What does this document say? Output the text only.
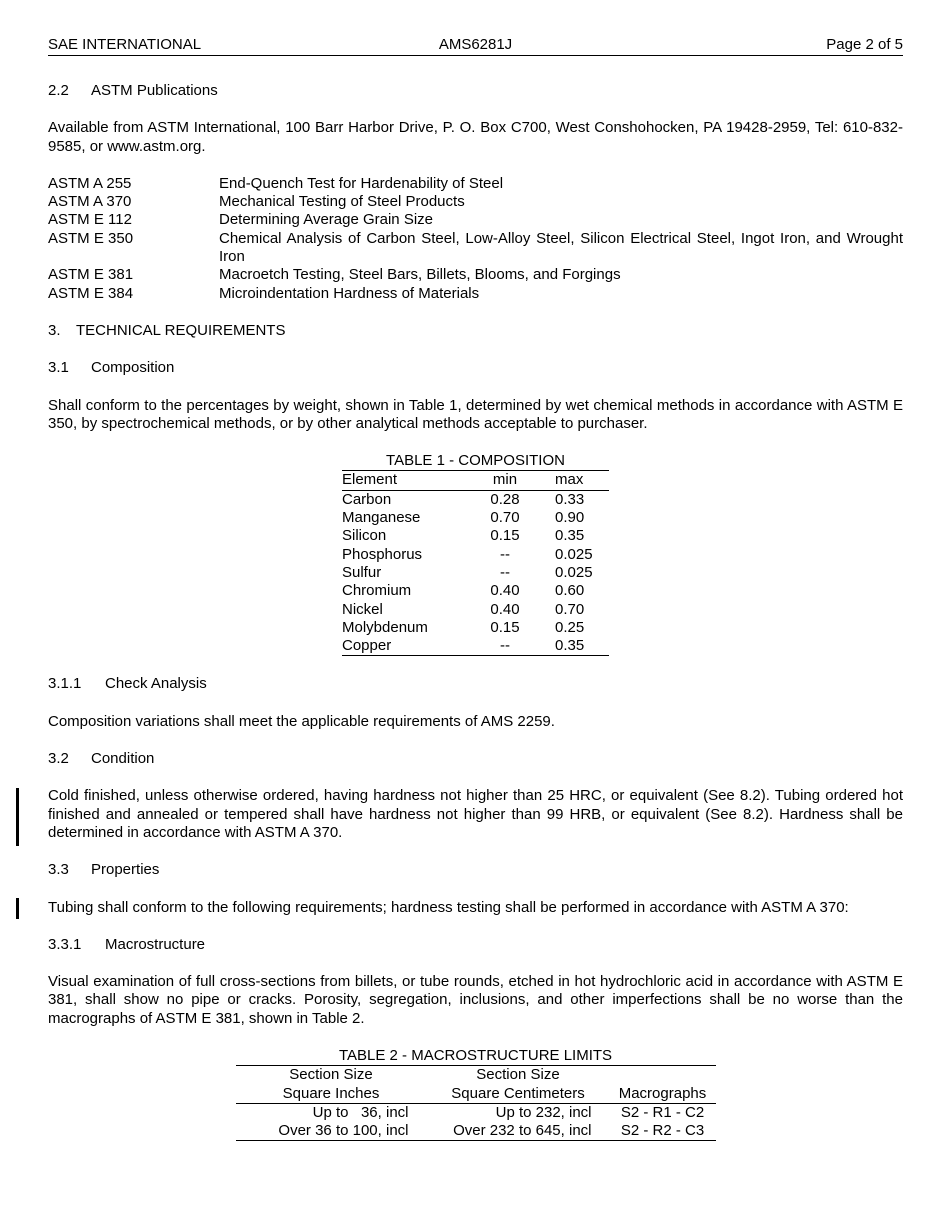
SAE INTERNATIONAL	AMS6281J	Page 2 of 5
2.2	ASTM Publications

Available from ASTM International, 100 Barr Harbor Drive, P. O. Box C700, West Conshohocken, PA 19428-2959, Tel: 610-832-9585, or www.astm.org.

ASTM A 255	End-Quench Test for Hardenability of Steel
ASTM A 370	Mechanical Testing of Steel Products
ASTM E 112	Determining Average Grain Size
ASTM E 350	Chemical Analysis of Carbon Steel, Low-Alloy Steel, Silicon Electrical Steel, Ingot Iron, and Wrought Iron
ASTM E 381	Macroetch Testing, Steel Bars, Billets, Blooms, and Forgings
ASTM E 384	Microindentation Hardness of Materials
3.	TECHNICAL REQUIREMENTS
3.1	Composition

Shall conform to the percentages by weight, shown in Table 1, determined by wet chemical methods in accordance with ASTM E 350, by spectrochemical methods, or by other analytical methods acceptable to purchaser.

TABLE 1 - COMPOSITION
Element	min	max
Carbon	0.28	0.33
Manganese	0.70	0.90
Silicon	0.15	0.35
Phosphorus	--	0.025
Sulfur	--	0.025
Chromium	0.40	0.60
Nickel	0.40	0.70
Molybdenum	0.15	0.25
Copper	--	0.35
3.1.1	Check Analysis

Composition variations shall meet the applicable requirements of AMS 2259.

3.2	Condition

Cold finished, unless otherwise ordered, having hardness not higher than 25 HRC, or equivalent (See 8.2). Tubing ordered hot finished and annealed or tempered shall have hardness not higher than 99 HRB, or equivalent (See 8.2). Hardness shall be determined in accordance with ASTM A 370.

3.3	Properties

Tubing shall conform to the following requirements; hardness testing shall be performed in accordance with ASTM A 370:

3.3.1	Macrostructure

Visual examination of full cross-sections from billets, or tube rounds, etched in hot hydrochloric acid in accordance with ASTM E 381, shall show no pipe or cracks. Porosity, segregation, inclusions, and other imperfections shall be no worse than the macrographs of ASTM E 381, shown in Table 2.

TABLE 2 - MACROSTRUCTURE LIMITS
Section Size	Section Size	
Square Inches	Square Centimeters	Macrographs
Up to   36, incl	Up to 232, incl	S2 - R1 - C2
Over 36 to 100, incl	Over 232 to 645, incl	S2 - R2 - C3
